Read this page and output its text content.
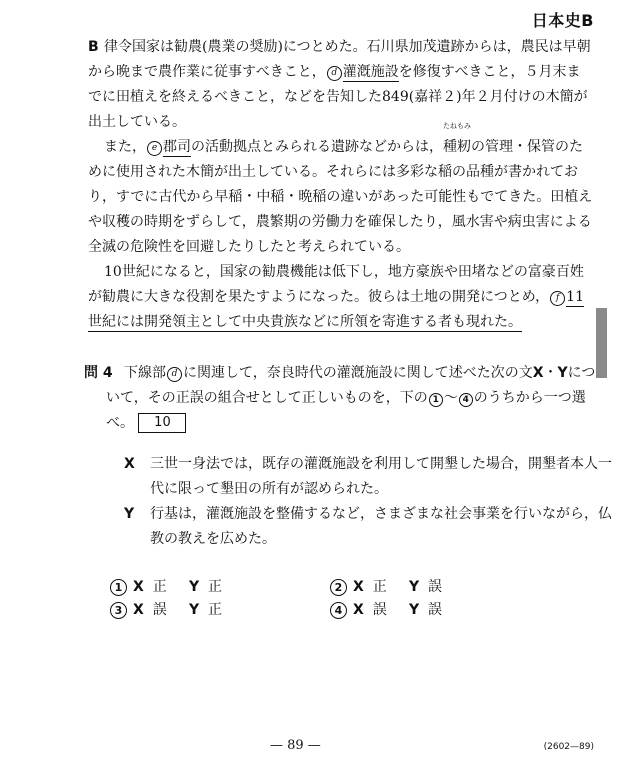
日本史B
B 律令国家は勧農(農業の奨励)につとめた。石川県加茂遺跡からは，農民は早朝
から晩まで農作業に従事すべきこと， d 灌漑施設を修復すべきこと，５月末ま
でに田植えを終えるべきこと，などを告知した849(嘉祥２)年２月付けの木簡が
出土している。
また， e 郡司の活動拠点とみられる遺跡などからは，
たねもみ
種籾の管理・保管のた
めに使用された木簡が出土している。それらには多彩な稲の品種が書かれてお
り，すでに古代から早稲・中稲・晩稲の違いがあった可能性もでてきた。田植え
や収穫の時期をずらして，農繁期の労働力を確保したり，風水害や病虫害による
全滅の危険性を回避したりしたと考えられている。
10世紀になると，国家の勧農機能は低下し，地方豪族や田堵などの富豪百姓
が勧農に大きな役割を果たすようになった。彼らは土地の開発につとめ， f 11
世紀には開発領主として中央貴族などに所領を寄進する者も現れた。
問 4 下線部 d に関連して，奈良時代の灌漑施設に関して述べた次の文X・Yにつ
いて，その正誤の組合せとして正しいものを，下の 1 ～ 4 のうちから一つ選
べ。 10
X 三世一身法では，既存の灌漑施設を利用して開墾した場合，開墾者本人一
代に限って墾田の所有が認められた。
Y 行基は，灌漑施設を整備するなど，さまざまな社会事業を行いながら，仏
教の教えを広めた。
1 X 正 Y 正	2 X 正 Y 誤
3 X 誤 Y 正	4 X 誤 Y 誤
— 89 —	(2602—89)
